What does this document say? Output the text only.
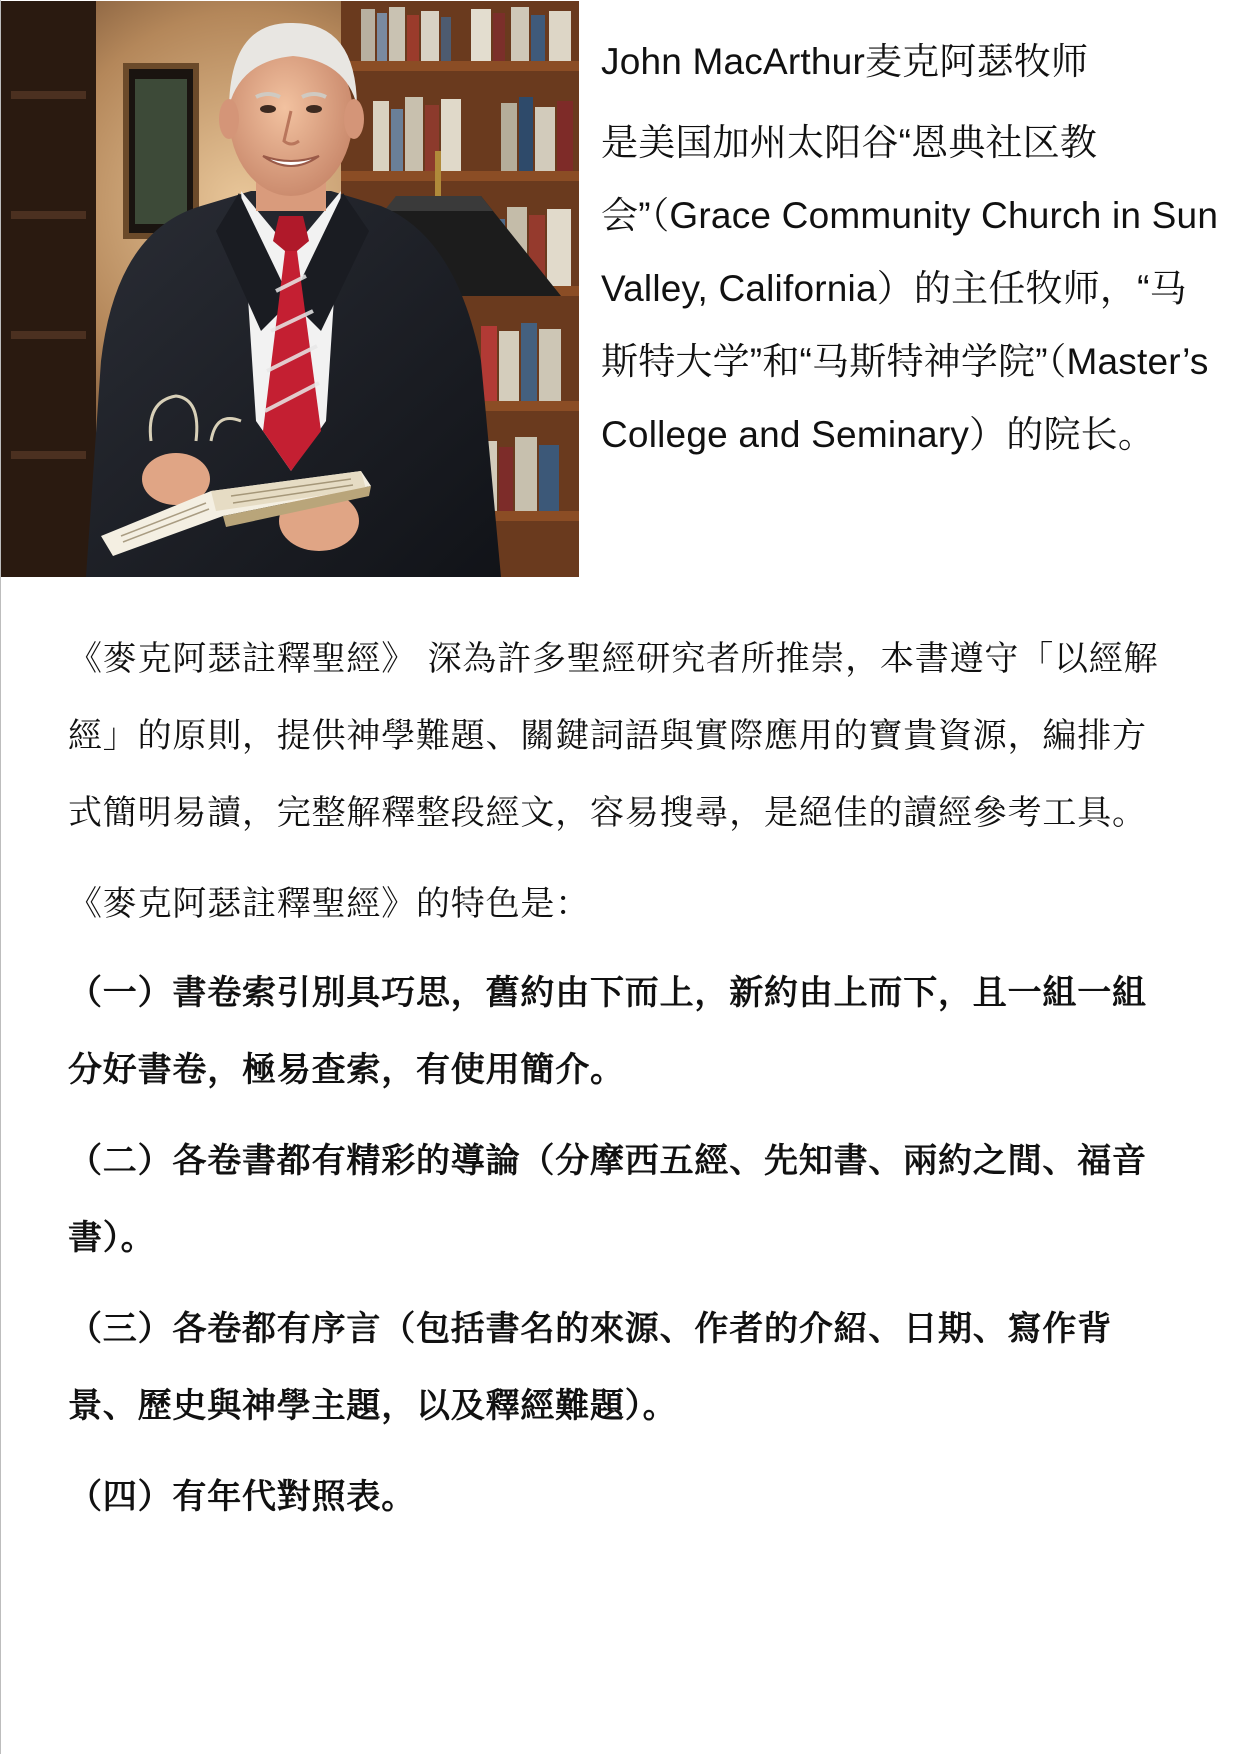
John MacArthur麦克阿瑟牧师
是美国加州太阳谷“恩典社区教会”（Grace Community Church in Sun Valley, California）的主任牧师，“马斯特大学”和“马斯特神学院”（Master’s College and Seminary）的院长。

《麥克阿瑟註釋聖經》 深為許多聖經研究者所推崇，本書遵守「以經解經」的原則，提供神學難題、關鍵詞語與實際應用的寶貴資源，編排方式簡明易讀，完整解釋整段經文，容易搜尋，是絕佳的讀經參考工具。

《麥克阿瑟註釋聖經》的特色是：

（一）書卷索引別具巧思，舊約由下而上，新約由上而下，且一組一組分好書卷，極易查索，有使用簡介。

（二）各卷書都有精彩的導論（分摩西五經、先知書、兩約之間、福音書）。

（三）各卷都有序言（包括書名的來源、作者的介紹、日期、寫作背景、歷史與神學主題，以及釋經難題）。

（四）有年代對照表。
